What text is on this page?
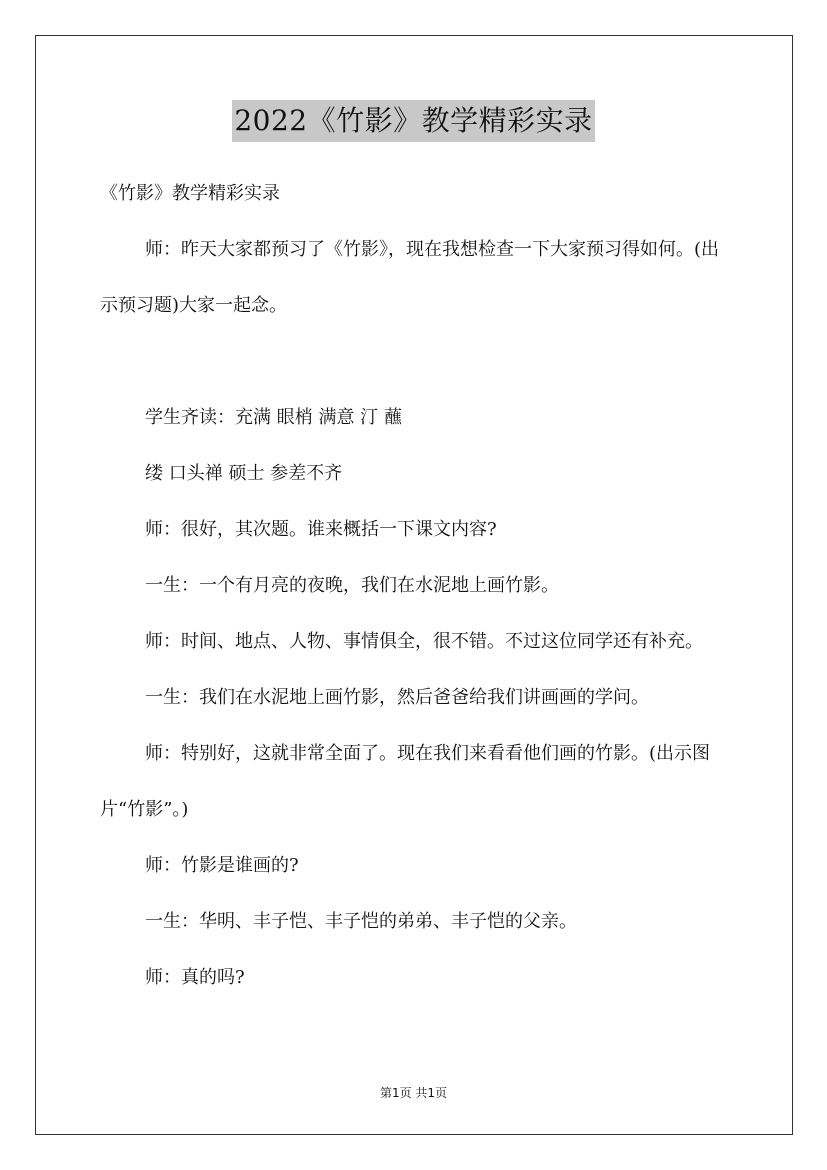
2022《竹影》教学精彩实录

《竹影》教学精彩实录

师：昨天大家都预习了《竹影》，现在我想检查一下大家预习得如何。(出示预习题)大家一起念。

学生齐读：充满 眼梢 满意 汀 蘸

缕 口头禅 硕士 参差不齐

师：很好，其次题。谁来概括一下课文内容?

一生：一个有月亮的夜晚，我们在水泥地上画竹影。

师：时间、地点、人物、事情俱全，很不错。不过这位同学还有补充。

一生：我们在水泥地上画竹影，然后爸爸给我们讲画画的学问。

师：特别好，这就非常全面了。现在我们来看看他们画的竹影。(出示图片“竹影”。)

师：竹影是谁画的?

一生：华明、丰子恺、丰子恺的弟弟、丰子恺的父亲。

师：真的吗?

第1页 共1页
